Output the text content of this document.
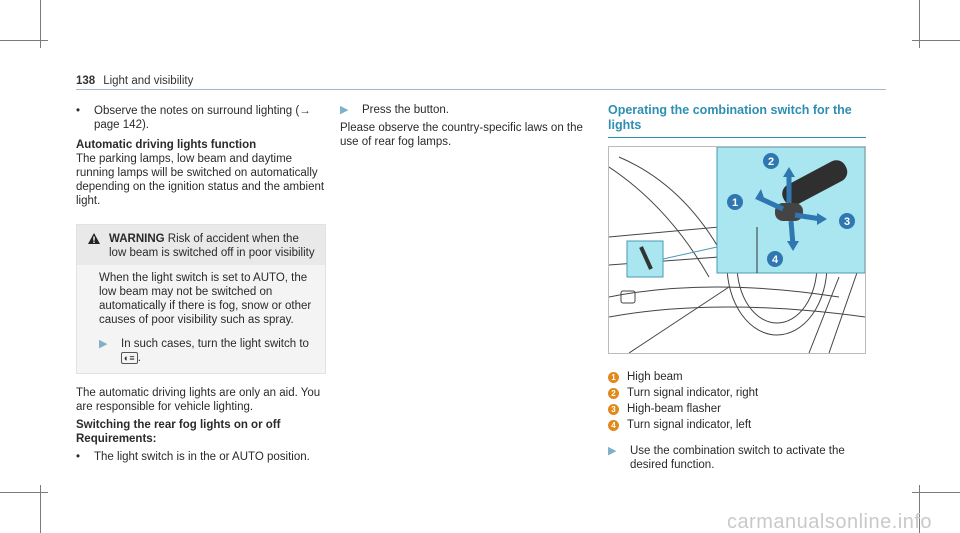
138 Light and visibility
•	Observe the notes on surround lighting (→ page 142).

Automatic driving lights function

The parking lamps, low beam and daytime running lamps will be switched on automatically depending on the ignition status and the ambient light.

WARNING Risk of accident when the low beam is switched off in poor visibility

When the light switch is set to AUTO, the low beam may not be switched on automatically if there is fog, snow or other causes of poor visibility such as spray.

▶	In such cases, turn the light switch to
◐≡ .

The automatic driving lights are only an aid. You are responsible for vehicle lighting.

Switching the rear fog lights on or off

Requirements:

•	The light switch is in the or AUTO position.
▶	Press the button.

Please observe the country-specific laws on the use of rear fog lamps.

Operating the combination switch for the lights

1
2
3
4
1 High beam
2 Turn signal indicator, right
3 High-beam flasher
4 Turn signal indicator, left
▶	Use the combination switch to activate the desired function.
carmanualsonline.info
